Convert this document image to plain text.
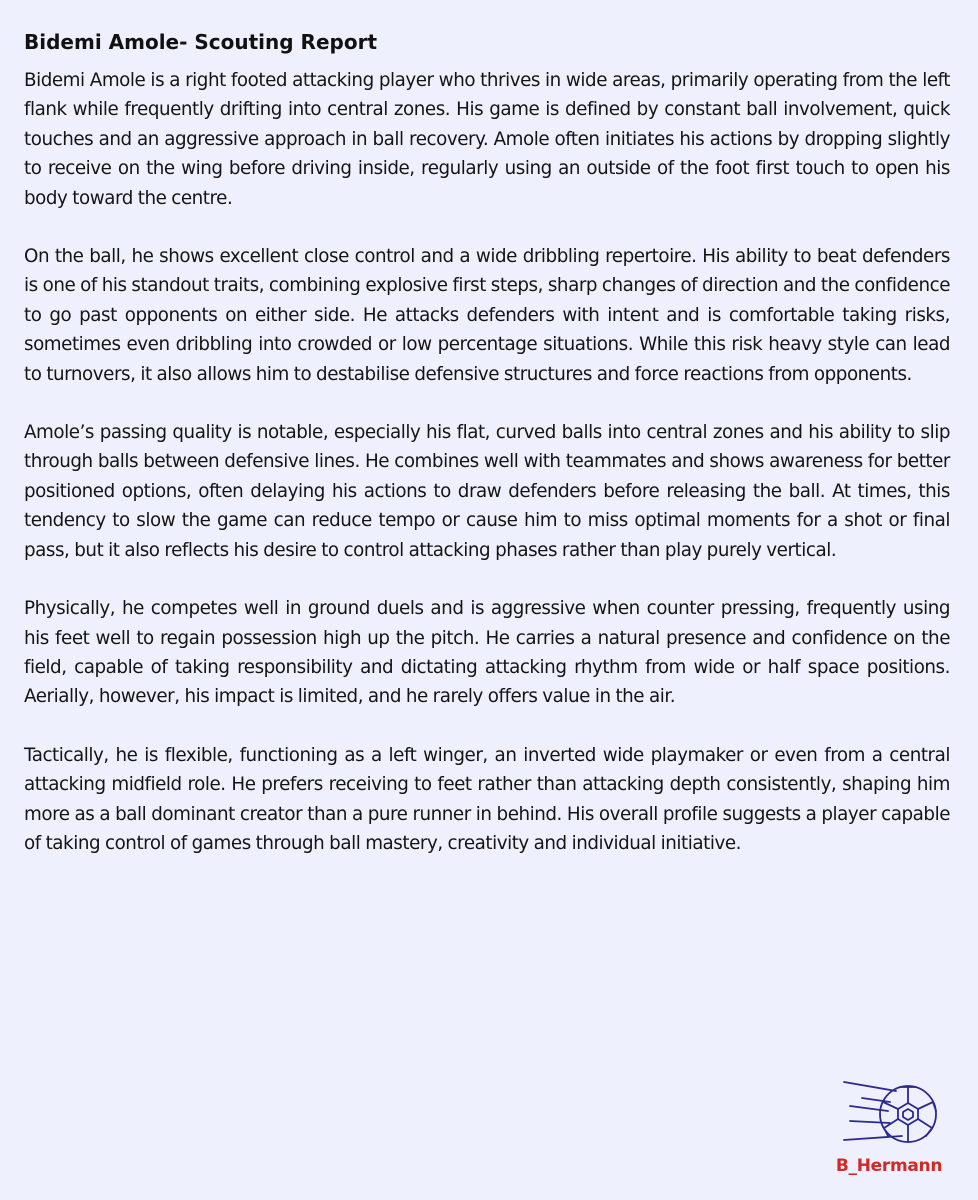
Bidemi Amole- Scouting Report

Bidemi Amole is a right footed attacking player who thrives in wide areas, primarily operating from the left flank while frequently drifting into central zones. His game is defined by constant ball involvement, quick touches and an aggressive approach in ball recovery. Amole often initiates his actions by dropping slightly to receive on the wing before driving inside, regularly using an outside of the foot first touch to open his body toward the centre.

On the ball, he shows excellent close control and a wide dribbling repertoire. His ability to beat defenders is one of his standout traits, combining explosive first steps, sharp changes of direction and the confidence to go past opponents on either side. He attacks defenders with intent and is comfortable taking risks, sometimes even dribbling into crowded or low percentage situations. While this risk heavy style can lead to turnovers, it also allows him to destabilise defensive structures and force reactions from opponents.

Amole’s passing quality is notable, especially his flat, curved balls into central zones and his ability to slip through balls between defensive lines. He combines well with teammates and shows awareness for better positioned options, often delaying his actions to draw defenders before releasing the ball. At times, this tendency to slow the game can reduce tempo or cause him to miss optimal moments for a shot or final pass, but it also reflects his desire to control attacking phases rather than play purely vertical.

Physically, he competes well in ground duels and is aggressive when counter pressing, frequently using his feet well to regain possession high up the pitch. He carries a natural presence and confidence on the field, capable of taking responsibility and dictating attacking rhythm from wide or half space positions. Aerially, however, his impact is limited, and he rarely offers value in the air.

Tactically, he is flexible, functioning as a left winger, an inverted wide playmaker or even from a central attacking midfield role. He prefers receiving to feet rather than attacking depth consistently, shaping him more as a ball dominant creator than a pure runner in behind. His overall profile suggests a player capable of taking control of games through ball mastery, creativity and individual initiative.

B_Hermann
